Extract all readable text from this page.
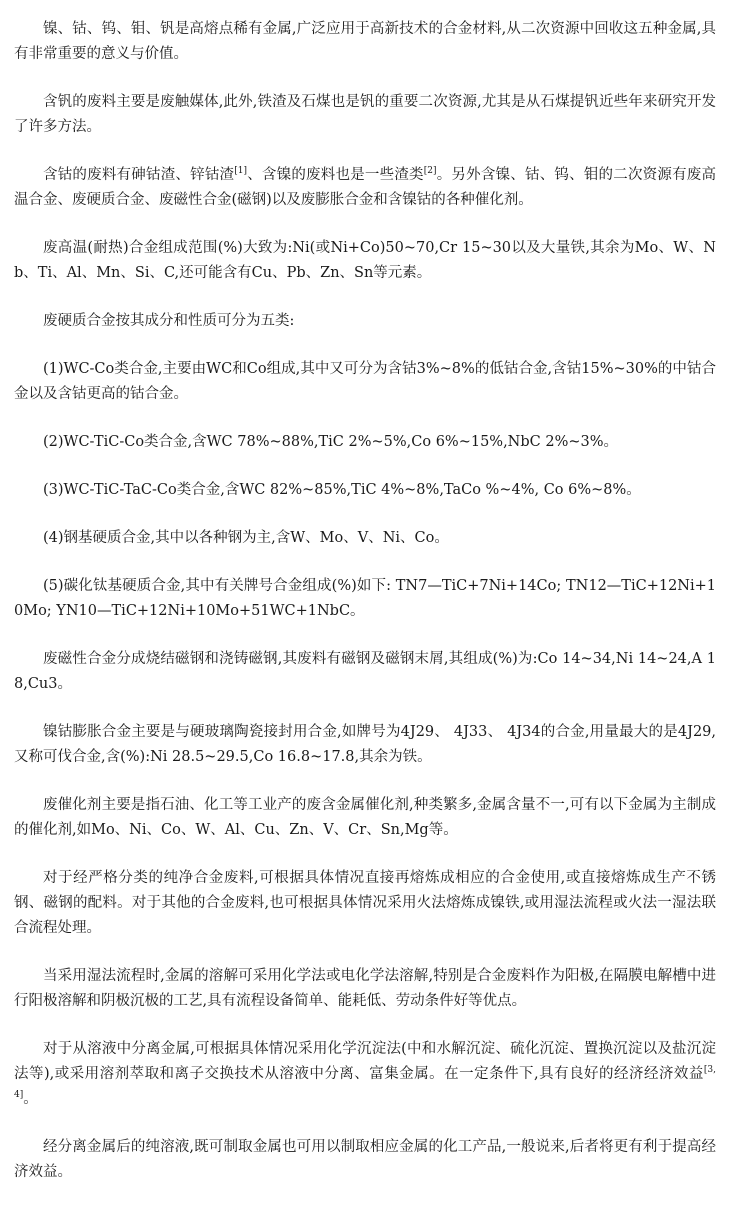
镍、钴、钨、钼、钒是高熔点稀有金属,广泛应用于高新技术的合金材料,从二次资源中回收这五种金属,具有非常重要的意义与价值。

含钒的废料主要是废触媒体,此外,铁渣及石煤也是钒的重要二次资源,尤其是从石煤提钒近些年来研究开发了许多方法。

含钴的废料有砷钴渣、锌钴渣[1]、含镍的废料也是一些渣类[2]。另外含镍、钴、钨、钼的二次资源有废高温合金、废硬质合金、废磁性合金(磁钢)以及废膨胀合金和含镍钴的各种催化剂。

废高温(耐热)合金组成范围(%)大致为:Ni(或Ni+Co)50~70,Cr 15~30以及大量铁,其余为Mo、W、Nb、Ti、Al、Mn、Si、C,还可能含有Cu、Pb、Zn、Sn等元素。

废硬质合金按其成分和性质可分为五类:

(1)WC-Co类合金,主要由WC和Co组成,其中又可分为含钴3%~8%的低钴合金,含钴15%~30%的中钴合金以及含钴更高的钴合金。

(2)WC-TiC-Co类合金,含WC 78%~88%,TiC 2%~5%,Co 6%~15%,NbC 2%~3%。

(3)WC-TiC-TaC-Co类合金,含WC 82%~85%,TiC 4%~8%,TaCo %~4%, Co 6%~8%。

(4)钢基硬质合金,其中以各种钢为主,含W、Mo、V、Ni、Co。

(5)碳化钛基硬质合金,其中有关牌号合金组成(%)如下: TN7—TiC+7Ni+14Co; TN12—TiC+12Ni+10Mo; YN10—TiC+12Ni+10Mo+51WC+1NbC。

废磁性合金分成烧结磁钢和浇铸磁钢,其废料有磁钢及磁钢末屑,其组成(%)为:Co 14~34,Ni 14~24,A 18,Cu3。

镍钴膨胀合金主要是与硬玻璃陶瓷接封用合金,如牌号为4J29、 4J33、 4J34的合金,用量最大的是4J29,又称可伐合金,含(%):Ni 28.5~29.5,Co 16.8~17.8,其余为铁。

废催化剂主要是指石油、化工等工业产的废含金属催化剂,种类繁多,金属含量不一,可有以下金属为主制成的催化剂,如Mo、Ni、Co、W、Al、Cu、Zn、V、Cr、Sn,Mg等。

对于经严格分类的纯净合金废料,可根据具体情况直接再熔炼成相应的合金使用,或直接熔炼成生产不锈钢、磁钢的配料。对于其他的合金废料,也可根据具体情况采用火法熔炼成镍铁,或用湿法流程或火法一湿法联合流程处理。

当采用湿法流程时,金属的溶解可采用化学法或电化学法溶解,特别是合金废料作为阳极,在隔膜电解槽中进行阳极溶解和阴极沉极的工艺,具有流程设备简单、能耗低、劳动条件好等优点。

对于从溶液中分离金属,可根据具体情况采用化学沉淀法(中和水解沉淀、硫化沉淀、置换沉淀以及盐沉淀法等),或采用溶剂萃取和离子交换技术从溶液中分离、富集金属。在一定条件下,具有良好的经济经济效益[3,4]。

经分离金属后的纯溶液,既可制取金属也可用以制取相应金属的化工产品,一般说来,后者将更有利于提高经济效益。
